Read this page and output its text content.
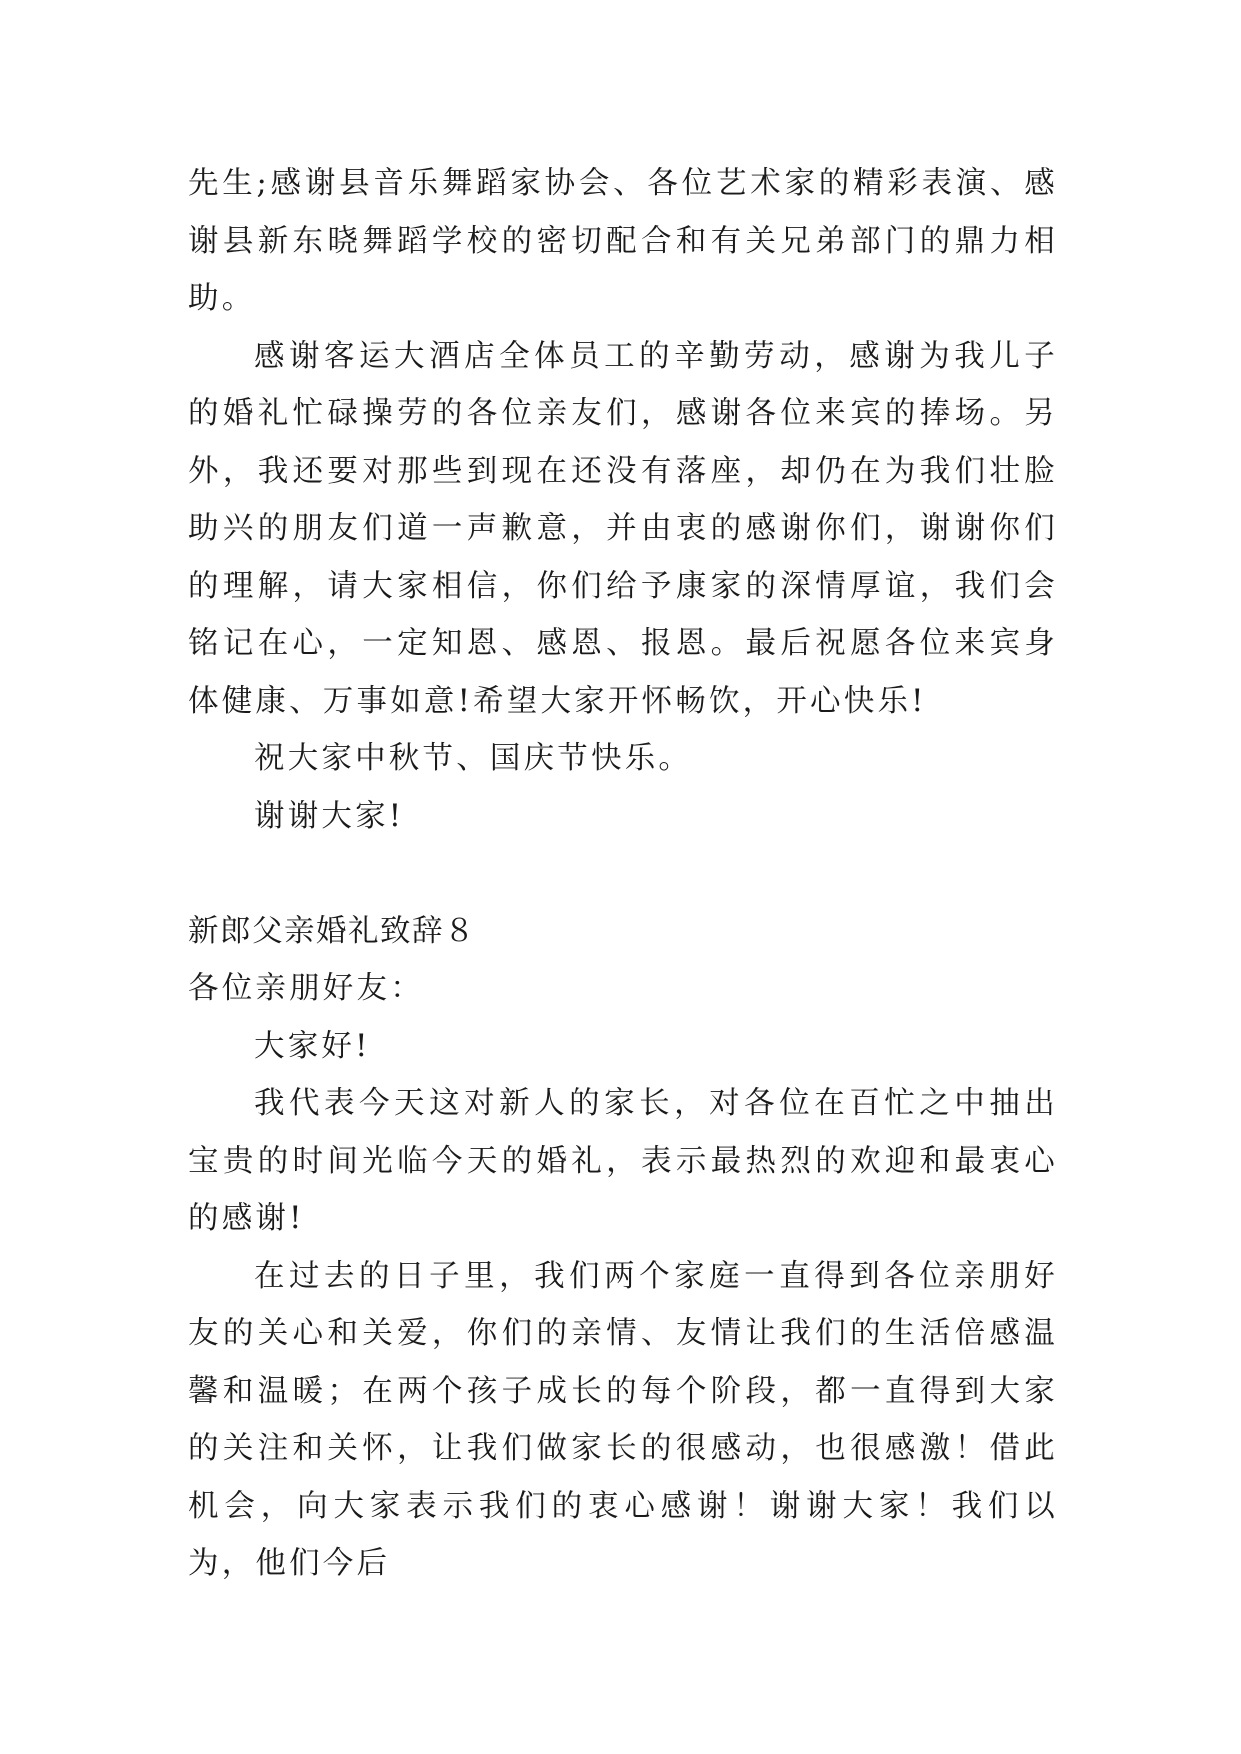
先生;感谢县音乐舞蹈家协会、各位艺术家的精彩表演、感谢县新东晓舞蹈学校的密切配合和有关兄弟部门的鼎力相助。

感谢客运大酒店全体员工的辛勤劳动，感谢为我儿子的婚礼忙碌操劳的各位亲友们，感谢各位来宾的捧场。另外，我还要对那些到现在还没有落座，却仍在为我们壮脸助兴的朋友们道一声歉意，并由衷的感谢你们，谢谢你们的理解，请大家相信，你们给予康家的深情厚谊，我们会铭记在心，一定知恩、感恩、报恩。最后祝愿各位来宾身体健康、万事如意!希望大家开怀畅饮，开心快乐!

祝大家中秋节、国庆节快乐。

谢谢大家!

新郎父亲婚礼致辞８

各位亲朋好友：

大家好!

我代表今天这对新人的家长，对各位在百忙之中抽出宝贵的时间光临今天的婚礼，表示最热烈的欢迎和最衷心的感谢!

在过去的日子里，我们两个家庭一直得到各位亲朋好友的关心和关爱，你们的亲情、友情让我们的生活倍感温馨和温暖；在两个孩子成长的每个阶段，都一直得到大家的关注和关怀，让我们做家长的很感动，也很感激！借此机会，向大家表示我们的衷心感谢！谢谢大家！我们以为，他们今后
